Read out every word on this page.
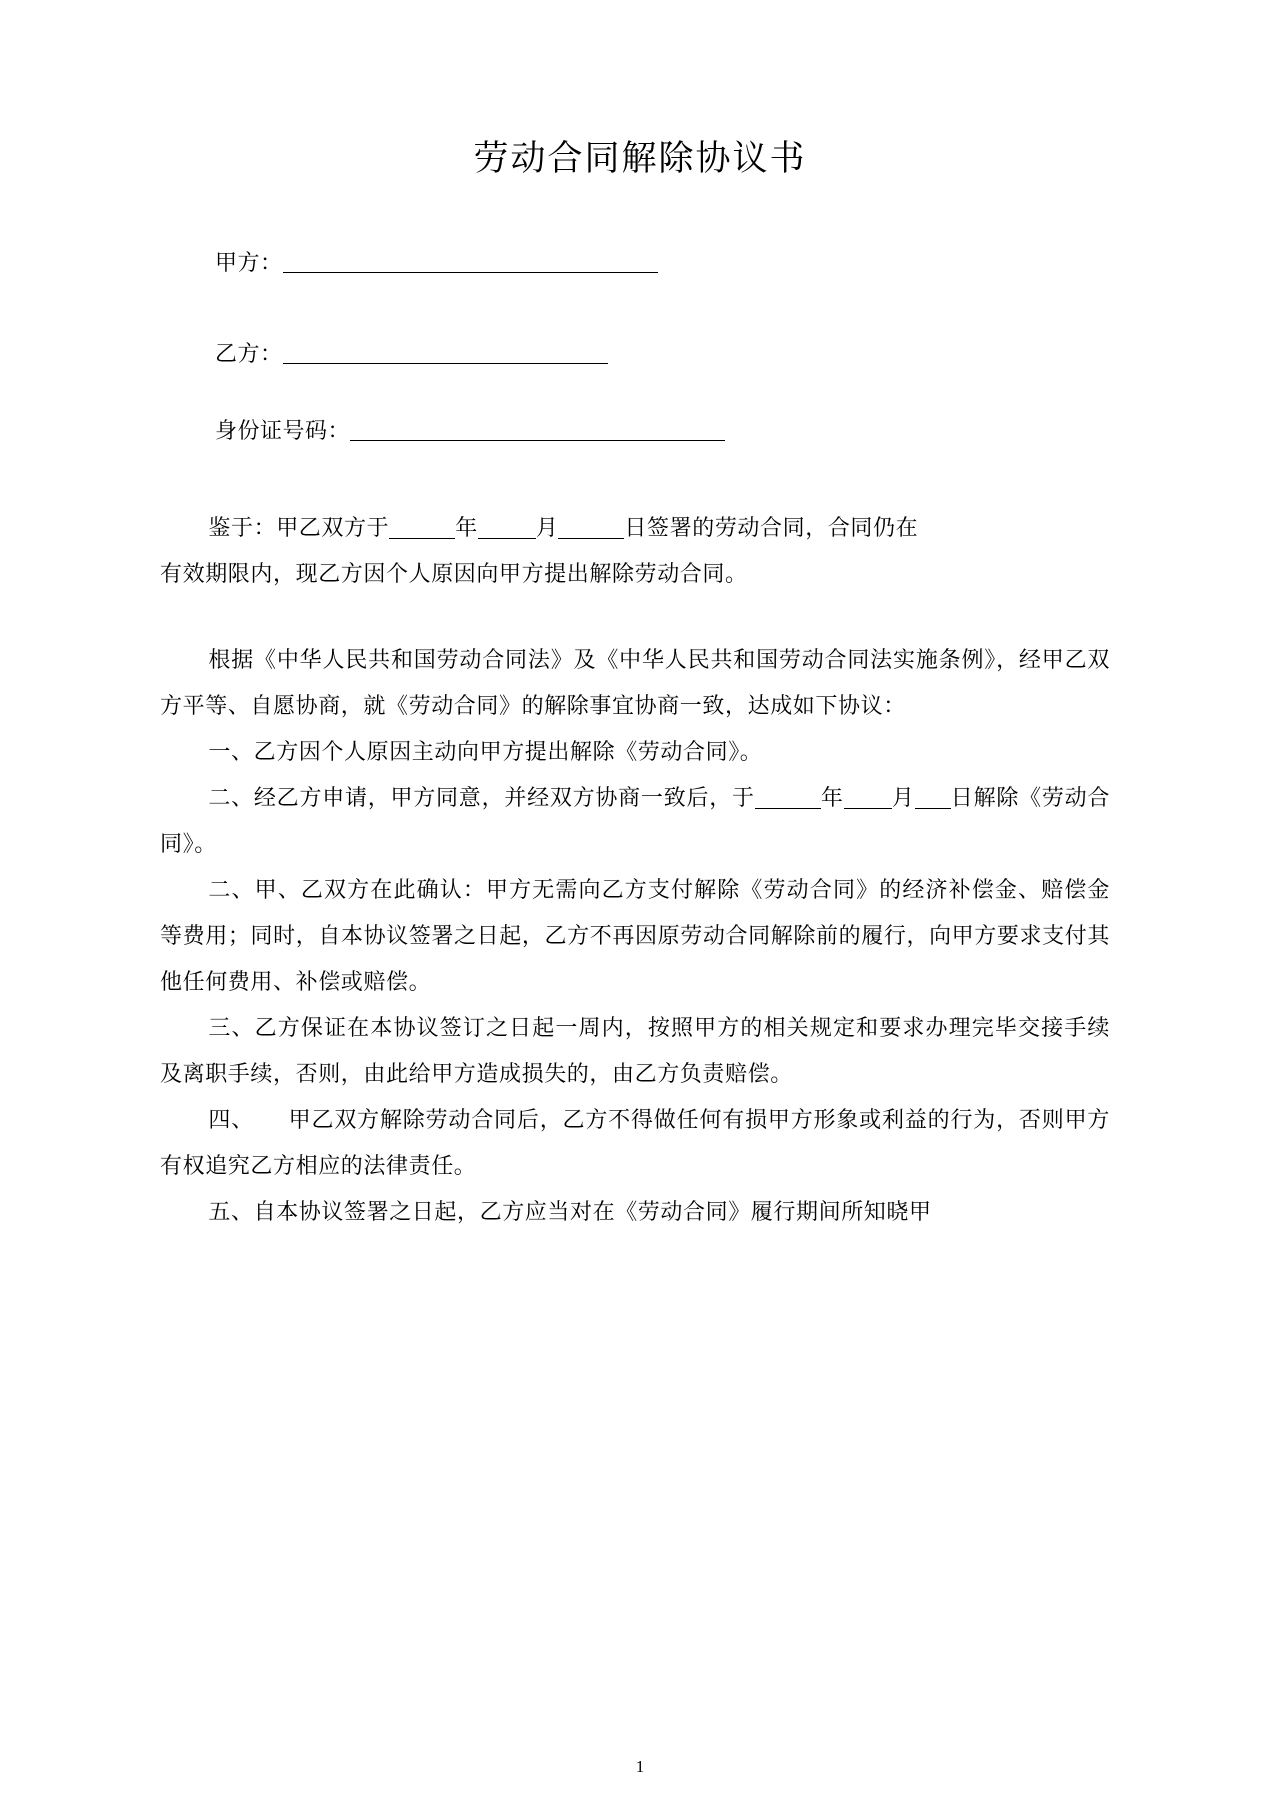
劳动合同解除协议书
甲方：
乙方：
身份证号码：

鉴于：甲乙双方于	年	月	日签署的劳动合同，合同仍在

有效期限内，现乙方因个人原因向甲方提出解除劳动合同。

根据《中华人民共和国劳动合同法》及《中华人民共和国劳动合同法实施条例》，经甲乙双方平等、自愿协商，就《劳动合同》的解除事宜协商一致，达成如下协议：

一、乙方因个人原因主动向甲方提出解除《劳动合同》。

二、经乙方申请，甲方同意，并经双方协商一致后，于	年 月 日解除《劳动合同》。

二、甲、乙双方在此确认：甲方无需向乙方支付解除《劳动合同》的经济补偿金、赔偿金等费用；同时，自本协议签署之日起，乙方不再因原劳动合同解除前的履行，向甲方要求支付其他任何费用、补偿或赔偿。

三、乙方保证在本协议签订之日起一周内，按照甲方的相关规定和要求办理完毕交接手续及离职手续，否则，由此给甲方造成损失的，由乙方负责赔偿。

四、　　甲乙双方解除劳动合同后，乙方不得做任何有损甲方形象或利益的行为，否则甲方有权追究乙方相应的法律责任。

五、自本协议签署之日起，乙方应当对在《劳动合同》履行期间所知晓甲

1
